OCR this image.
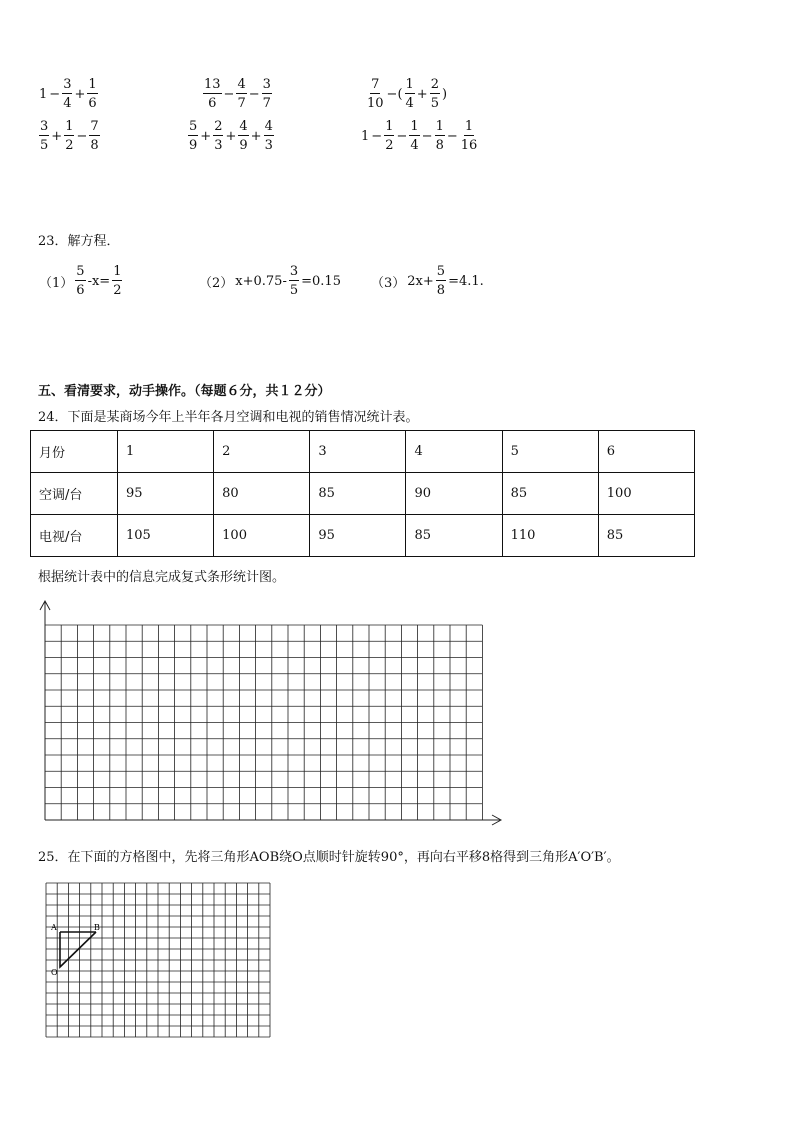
$1 - \frac{3}{4} + \frac{1}{6}$	$\frac{13}{6} - \frac{4}{7} - \frac{3}{7}$	$\frac{7}{10}$ −( $\frac{1}{4} + \frac{2}{5}$ )
$\frac{3}{5} + \frac{1}{2} - \frac{7}{8}$	$\frac{5}{9} + \frac{2}{3} + \frac{4}{9} + \frac{4}{3}$	$1 - \frac{1}{2} - \frac{1}{4} - \frac{1}{8} - \frac{1}{16}$
23．解方程．
$(1) \frac{5}{6} -x= \frac{1}{2}$	（2） $x+0.75- \frac{3}{5} =0.15$ （3） $2x+ \frac{5}{8} =4.1$.
五、看清要求，动手操作。（每题６分，共１２分）
24．下面是某商场今年上半年各月空调和电视的销售情况统计表。
月份	1	2	3	4	5	6
空调/台	95	80	85	90	85	100
电视/台	105	100	95	85	110	85
根据统计表中的信息完成复式条形统计图。
25．在下面的方格图中，先将三角形AOB绕O点顺时针旋转90°，再向右平移8格得到三角形A′O′B′。
A	B
O
